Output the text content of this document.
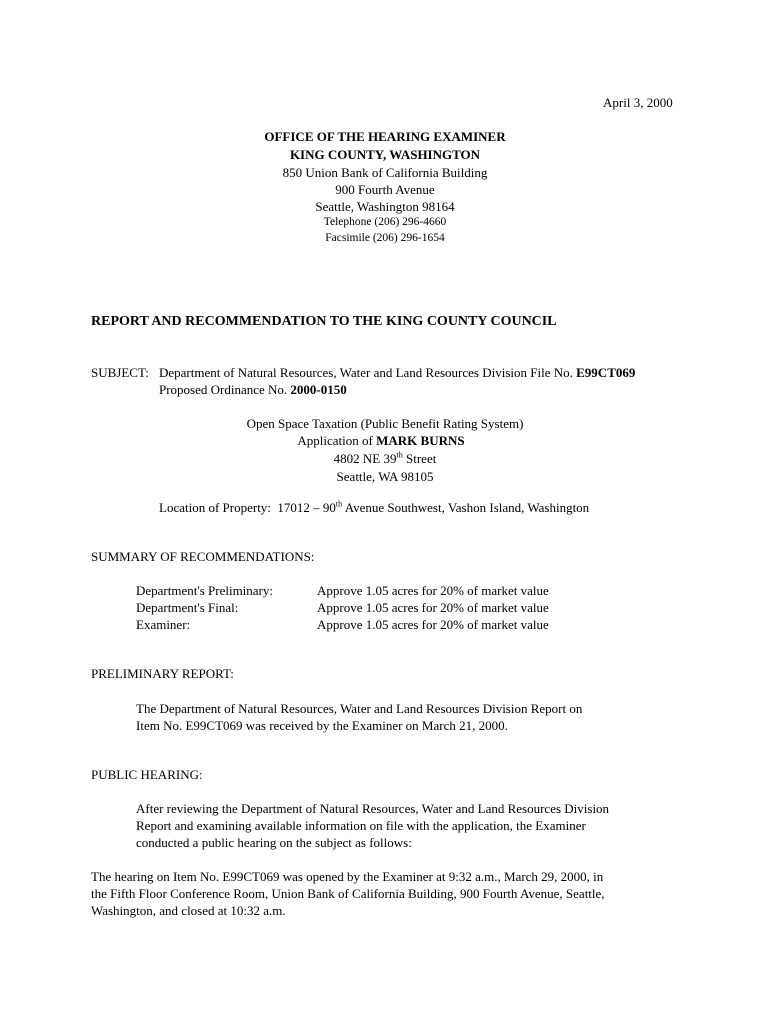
April 3, 2000
OFFICE OF THE HEARING EXAMINER
KING COUNTY, WASHINGTON
850 Union Bank of California Building
900 Fourth Avenue
Seattle, Washington 98164
Telephone (206) 296-4660
Facsimile (206) 296-1654
REPORT AND RECOMMENDATION TO THE KING COUNTY COUNCIL
SUBJECT: Department of Natural Resources, Water and Land Resources Division File No. E99CT069
Proposed Ordinance No. 2000-0150
Open Space Taxation (Public Benefit Rating System)
Application of MARK BURNS
4802 NE 39th Street
Seattle, WA 98105
Location of Property:  17012 – 90th Avenue Southwest, Vashon Island, Washington
SUMMARY OF RECOMMENDATIONS:
Department's Preliminary:	Approve 1.05 acres for 20% of market value
Department's Final:	Approve 1.05 acres for 20% of market value
Examiner:	Approve 1.05 acres for 20% of market value
PRELIMINARY REPORT:
The Department of Natural Resources, Water and Land Resources Division Report on
Item No. E99CT069 was received by the Examiner on March 21, 2000.
PUBLIC HEARING:
After reviewing the Department of Natural Resources, Water and Land Resources Division
Report and examining available information on file with the application, the Examiner
conducted a public hearing on the subject as follows:
The hearing on Item No. E99CT069 was opened by the Examiner at 9:32 a.m., March 29, 2000, in
the Fifth Floor Conference Room, Union Bank of California Building, 900 Fourth Avenue, Seattle,
Washington, and closed at 10:32 a.m.
